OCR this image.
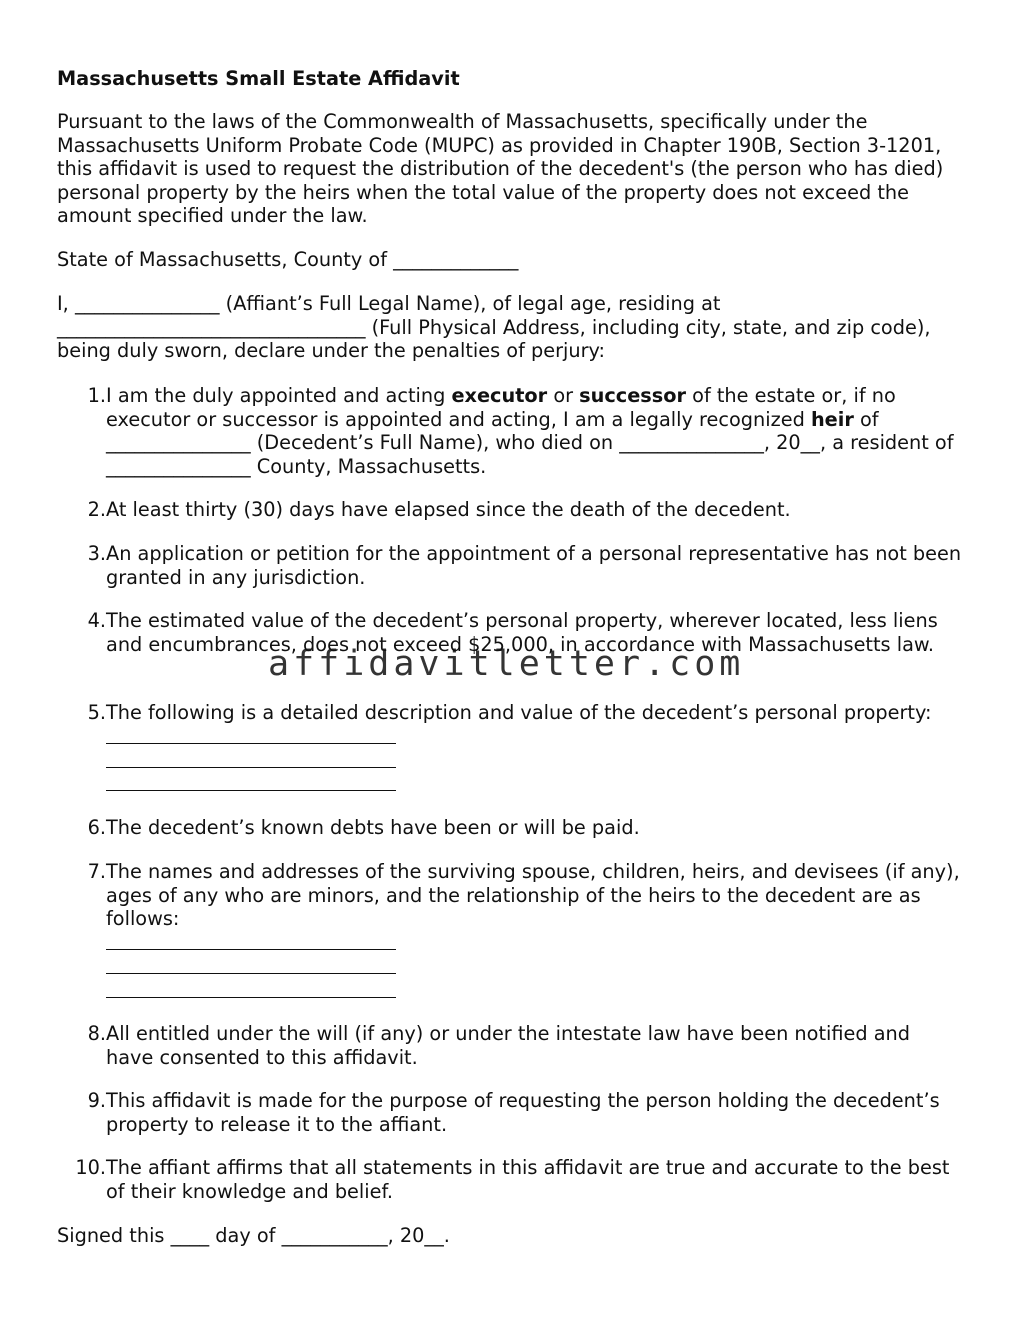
Massachusetts Small Estate Affidavit

Pursuant to the laws of the Commonwealth of Massachusetts, specifically under the Massachusetts Uniform Probate Code (MUPC) as provided in Chapter 190B, Section 3-1201, this affidavit is used to request the distribution of the decedent's (the person who has died) personal property by the heirs when the total value of the property does not exceed the amount specified under the law.

State of Massachusetts, County of _____________

I, _______________ (Affiant’s Full Legal Name), of legal age, residing at
________________________________ (Full Physical Address, including city, state, and zip code),
being duly sworn, declare under the penalties of perjury:
1. I am the duly appointed and acting executor or successor of the estate or, if no executor or successor is appointed and acting, I am a legally recognized heir of _______________ (Decedent’s Full Name), who died on _______________, 20__, a resident of _______________ County, Massachusetts.
2. At least thirty (30) days have elapsed since the death of the decedent.
3. An application or petition for the appointment of a personal representative has not been granted in any jurisdiction.
4. The estimated value of the decedent’s personal property, wherever located, less liens and encumbrances, does not exceed $25,000, in accordance with Massachusetts law.
5. The following is a detailed description and value of the decedent’s personal property:
6. The decedent’s known debts have been or will be paid.
7. The names and addresses of the surviving spouse, children, heirs, and devisees (if any), ages of any who are minors, and the relationship of the heirs to the decedent are as follows:
8. All entitled under the will (if any) or under the intestate law have been notified and have consented to this affidavit.
9. This affidavit is made for the purpose of requesting the person holding the decedent’s property to release it to the affiant.
10. The affiant affirms that all statements in this affidavit are true and accurate to the best of their knowledge and belief.

Signed this ____ day of ___________, 20__.

affidavitletter.com
